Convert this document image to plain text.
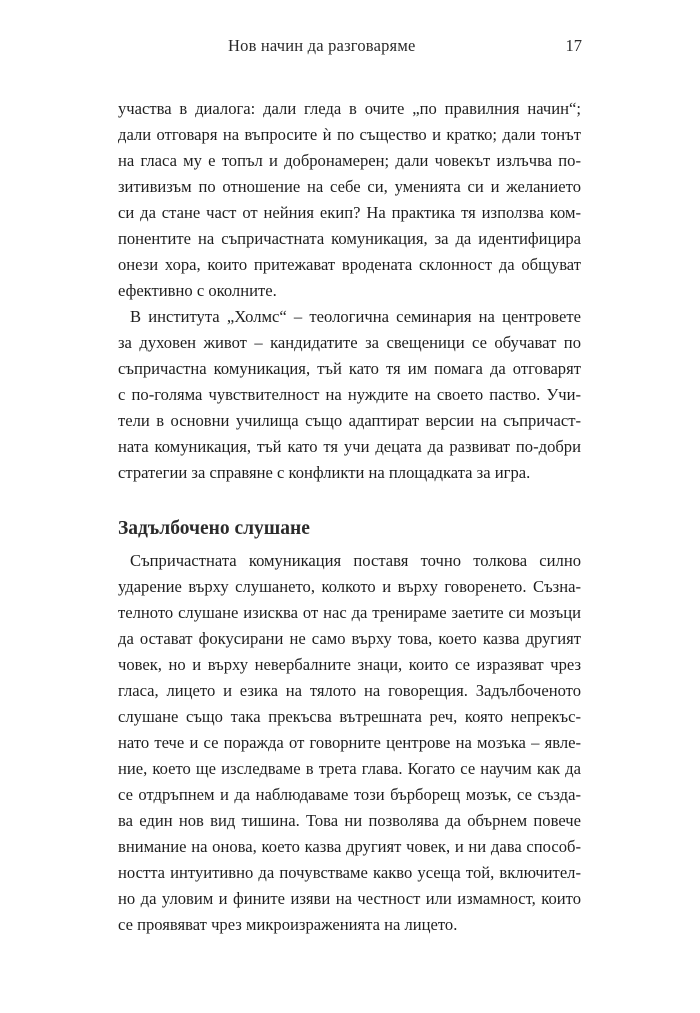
Нов начин да разговаряме	17
участва в диалога: дали гледа в очите „по правилния начин“;
дали отговаря на въпросите ѝ по същество и кратко; дали тонът
на гласа му е топъл и добронамерен; дали човекът излъчва по-
зитивизъм по отношение на себе си, уменията си и желанието
си да стане част от нейния екип? На практика тя използва ком-
понентите на съпричастната комуникация, за да идентифицира
онези хора, които притежават вродената склонност да общуват
ефективно с околните.
В института „Холмс“ – теологична семинария на центровете
за духовен живот – кандидатите за свещеници се обучават по
съпричастна комуникация, тъй като тя им помага да отговарят
с по-голяма чувствителност на нуждите на своето паство. Учи-
тели в основни училища също адаптират версии на съпричаст-
ната комуникация, тъй като тя учи децата да развиват по-добри
стратегии за справяне с конфликти на площадката за игра.
Задълбочено слушане
Съпричастната комуникация поставя точно толкова силно
ударение върху слушането, колкото и върху говоренето. Съзна-
телното слушане изисква от нас да тренираме заетите си мозъци
да остават фокусирани не само върху това, което казва другият
човек, но и върху невербалните знаци, които се изразяват чрез
гласа, лицето и езика на тялото на говорещия. Задълбоченото
слушане също така прекъсва вътрешната реч, която непрекъс-
нато тече и се поражда от говорните центрове на мозъка – явле-
ние, което ще изследваме в трета глава. Когато се научим как да
се отдръпнем и да наблюдаваме този бърборещ мозък, се създа-
ва един нов вид тишина. Това ни позволява да обърнем повече
внимание на онова, което казва другият човек, и ни дава способ-
ността интуитивно да почувстваме какво усеща той, включител-
но да уловим и фините изяви на честност или измамност, които
се проявяват чрез микроизраженията на лицето.
